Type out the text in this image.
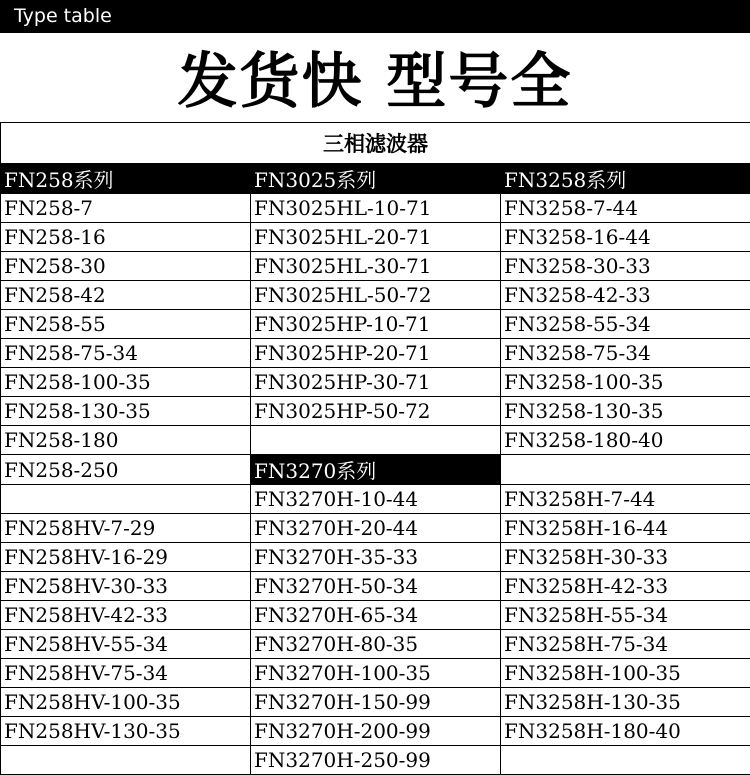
Type table
发货快 型号全
三相滤波器		
FN258系列	FN3025系列	FN3258系列
FN258-7	FN3025HL-10-71	FN3258-7-44
FN258-16	FN3025HL-20-71	FN3258-16-44
FN258-30	FN3025HL-30-71	FN3258-30-33
FN258-42	FN3025HL-50-72	FN3258-42-33
FN258-55	FN3025HP-10-71	FN3258-55-34
FN258-75-34	FN3025HP-20-71	FN3258-75-34
FN258-100-35	FN3025HP-30-71	FN3258-100-35
FN258-130-35	FN3025HP-50-72	FN3258-130-35
FN258-180		FN3258-180-40
FN258-250	FN3270系列	
	FN3270H-10-44	FN3258H-7-44
FN258HV-7-29	FN3270H-20-44	FN3258H-16-44
FN258HV-16-29	FN3270H-35-33	FN3258H-30-33
FN258HV-30-33	FN3270H-50-34	FN3258H-42-33
FN258HV-42-33	FN3270H-65-34	FN3258H-55-34
FN258HV-55-34	FN3270H-80-35	FN3258H-75-34
FN258HV-75-34	FN3270H-100-35	FN3258H-100-35
FN258HV-100-35	FN3270H-150-99	FN3258H-130-35
FN258HV-130-35	FN3270H-200-99	FN3258H-180-40
	FN3270H-250-99	
